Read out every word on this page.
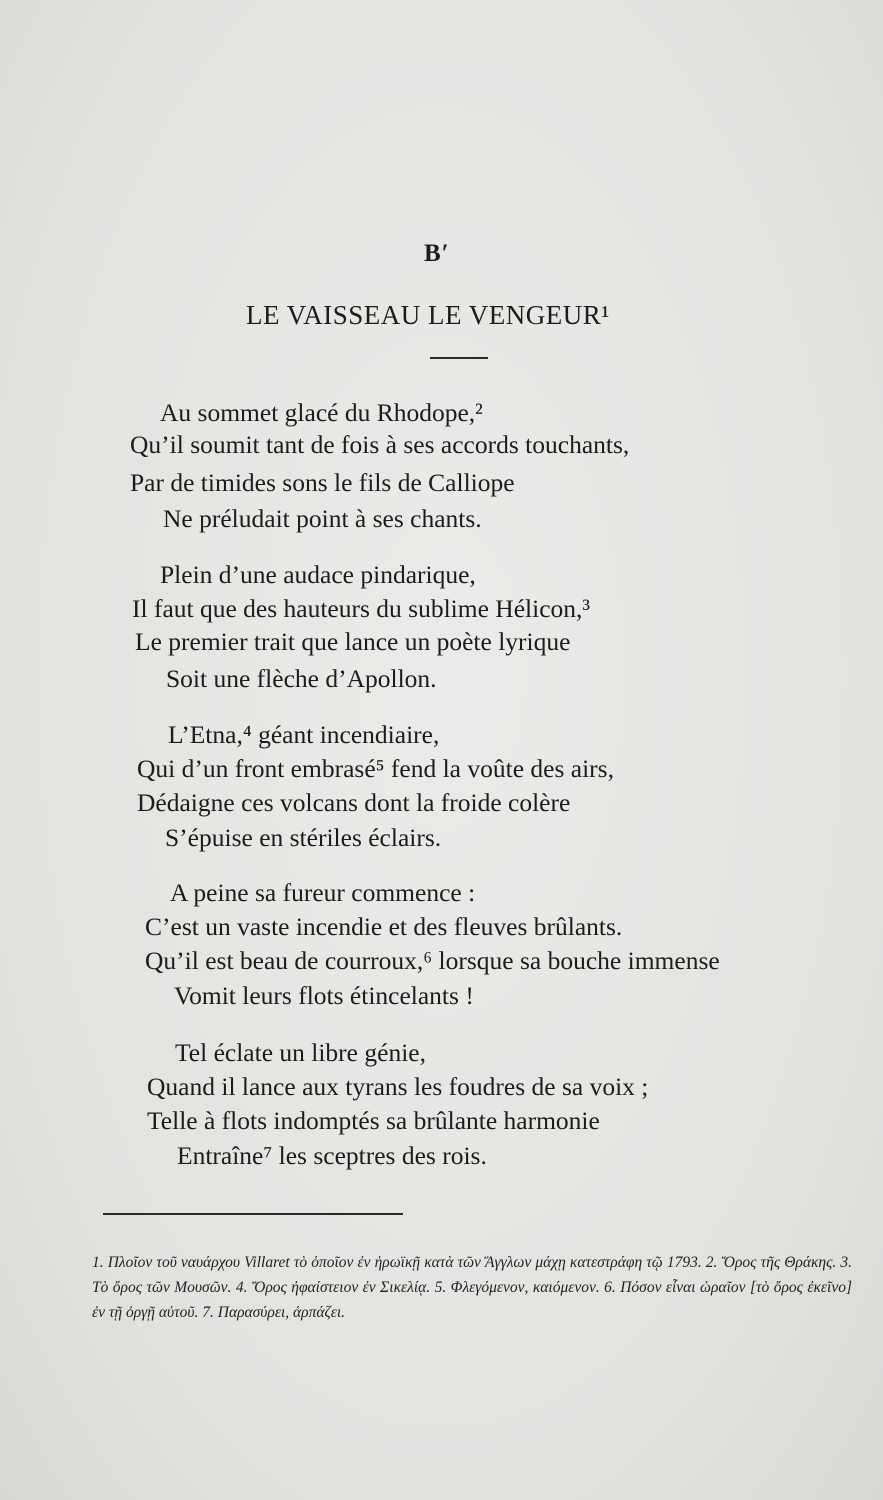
B′
LE VAISSEAU LE VENGEUR¹
Au sommet glacé du Rhodope,²
Qu’il soumit tant de fois à ses accords touchants,
Par de timides sons le fils de Calliope
Ne préludait point à ses chants.
Plein d’une audace pindarique,
Il faut que des hauteurs du sublime Hélicon,³
Le premier trait que lance un poète lyrique
Soit une flèche d’Apollon.
L’Etna,⁴ géant incendiaire,
Qui d’un front embrasé⁵ fend la voûte des airs,
Dédaigne ces volcans dont la froide colère
S’épuise en stériles éclairs.
A peine sa fureur commence :
C’est un vaste incendie et des fleuves brûlants.
Qu’il est beau de courroux,⁶ lorsque sa bouche immense
Vomit leurs flots étincelants !
Tel éclate un libre génie,
Quand il lance aux tyrans les foudres de sa voix ;
Telle à flots indomptés sa brûlante harmonie
Entraîne⁷ les sceptres des rois.
1. Πλοῖον τοῦ ναυάρχου Villaret τὸ ὁποῖον ἐν ἡρωϊκῇ κατὰ τῶν Ἄγγλων μάχῃ κατεστράφη τῷ 1793. 2. Ὄρος τῆς Θράκης. 3. Τὸ ὄρος τῶν Μουσῶν. 4. Ὄρος ἠφαίστειον ἐν Σικελίᾳ. 5. Φλεγόμενον, καιόμενον. 6. Πόσον εἶναι ὡραῖον [τὸ ὄρος ἐκεῖνο] ἐν τῇ ὀργῇ αὐτοῦ. 7. Παρασύρει, ἁρπάζει.
